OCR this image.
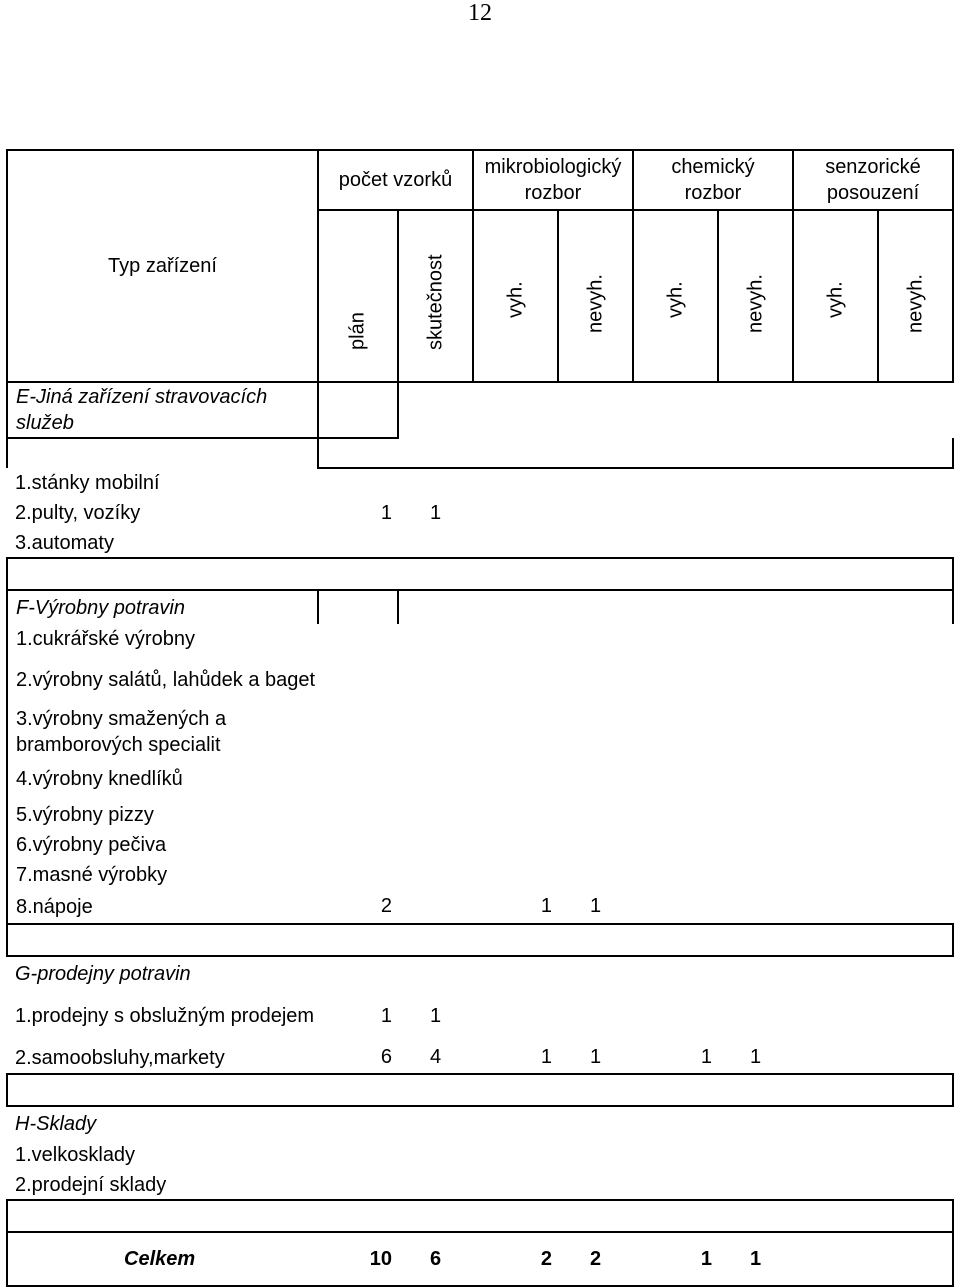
12
Typ zařízení	počet vzorků		mikrobiologický rozbor		chemický rozbor		senzorické posouzení	

	plán	skutečnost	vyh.	nevyh.	vyh.	nevyh.	vyh.	nevyh.

E-Jiná zařízení stravovacích služeb								

1.stánky mobilní								
2.pulty, vozíky	1	1						
3.automaty								

F-Výrobny potravin								
1.cukrářské výrobny								
2.výrobny salátů, lahůdek a baget								
3.výrobny smažených a bramborových specialit								
4.výrobny knedlíků								
5.výrobny pizzy								
6.výrobny pečiva								
7.masné výrobky								
8.nápoje	2		1	1				

G-prodejny potravin								
1.prodejny s obslužným prodejem	1	1						
2.samoobsluhy,markety	6	4	1	1	1	1		

H-Sklady								
1.velkosklady								
2.prodejní sklady								

Celkem	10	6	2	2	1	1		
